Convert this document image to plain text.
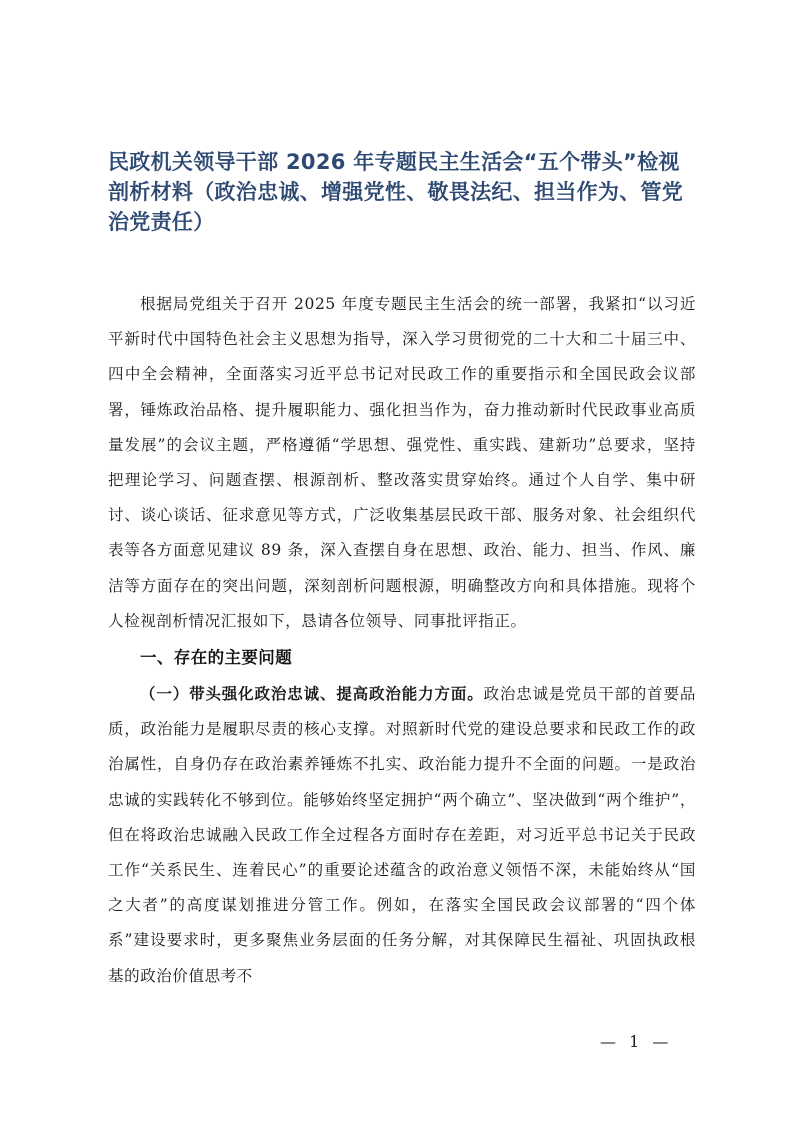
民政机关领导干部 2026 年专题民主生活会“五个带头”检视剖析材料（政治忠诚、增强党性、敬畏法纪、担当作为、管党治党责任）

根据局党组关于召开 2025 年度专题民主生活会的统一部署，我紧扣“以习近平新时代中国特色社会主义思想为指导，深入学习贯彻党的二十大和二十届三中、四中全会精神，全面落实习近平总书记对民政工作的重要指示和全国民政会议部署，锤炼政治品格、提升履职能力、强化担当作为，奋力推动新时代民政事业高质量发展”的会议主题，严格遵循“学思想、强党性、重实践、建新功”总要求，坚持把理论学习、问题查摆、根源剖析、整改落实贯穿始终。通过个人自学、集中研讨、谈心谈话、征求意见等方式，广泛收集基层民政干部、服务对象、社会组织代表等各方面意见建议 89 条，深入查摆自身在思想、政治、能力、担当、作风、廉洁等方面存在的突出问题，深刻剖析问题根源，明确整改方向和具体措施。现将个人检视剖析情况汇报如下，恳请各位领导、同事批评指正。

一、存在的主要问题

（一）带头强化政治忠诚、提高政治能力方面。政治忠诚是党员干部的首要品质，政治能力是履职尽责的核心支撑。对照新时代党的建设总要求和民政工作的政治属性，自身仍存在政治素养锤炼不扎实、政治能力提升不全面的问题。一是政治忠诚的实践转化不够到位。能够始终坚定拥护“两个确立”、坚决做到“两个维护”，但在将政治忠诚融入民政工作全过程各方面时存在差距，对习近平总书记关于民政工作“关系民生、连着民心”的重要论述蕴含的政治意义领悟不深，未能始终从“国之大者”的高度谋划推进分管工作。例如，在落实全国民政会议部署的“四个体系”建设要求时，更多聚焦业务层面的任务分解，对其保障民生福祉、巩固执政根基的政治价值思考不

— 1 —
